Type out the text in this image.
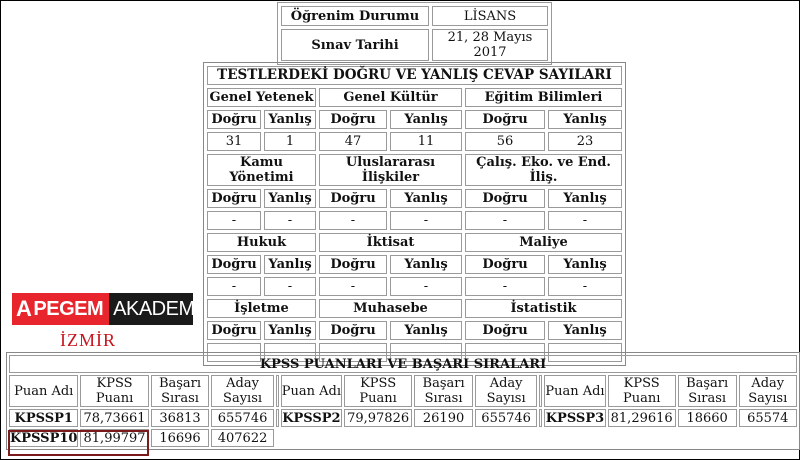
Öğrenim Durumu	LİSANS
Sınav Tarihi	21, 28 Mayıs 2017
TESTLERDEKİ DOĞRU VE YANLIŞ CEVAP SAYILARI					
Genel Yetenek		Genel Kültür		Eğitim Bilimleri	
Doğru	Yanlış	Doğru	Yanlış	Doğru	Yanlış
31	1	47	11	56	23
Kamu Yönetimi		Uluslararası İlişkiler		Çalış. Eko. ve End. İliş.	
Doğru	Yanlış	Doğru	Yanlış	Doğru	Yanlış
-	-	-	-	-	-
Hukuk		İktisat		Maliye	
Doğru	Yanlış	Doğru	Yanlış	Doğru	Yanlış
-	-	-	-	-	-
İşletme		Muhasebe		İstatistik	
Doğru	Yanlış	Doğru	Yanlış	Doğru	Yanlış
-	-	-	-	-	-
A PEGEM AKADEMİ
İZMİR
KPSS PUANLARI VE BAŞARI SIRALARI													
Puan Adı	KPSS Puanı	Başarı Sırası	Aday Sayısı		Puan Adı	KPSS Puanı	Başarı Sırası	Aday Sayısı		Puan Adı	KPSS Puanı	Başarı Sırası	Aday Sayısı
KPSSP1	78,73661	36813	655746		KPSSP2	79,97826	26190	655746		KPSSP3	81,29616	18660	65574
KPSSP10	81,99797	16696	407622										
